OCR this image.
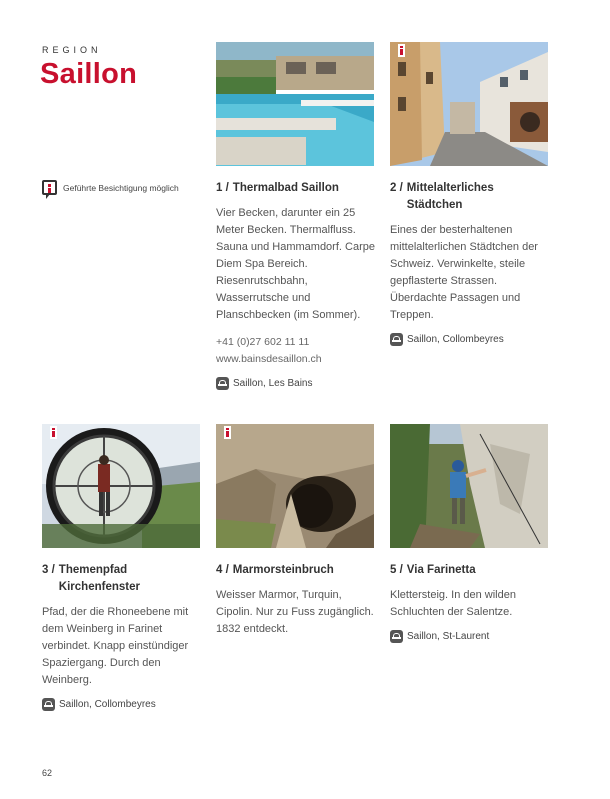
REGION
Saillon
Geführte Besichtigung möglich	1 / Thermalbad Saillon
Vier Becken, darunter ein 25 Meter Becken. Thermalfluss. Sauna und Hammamdorf. Carpe Diem Spa Bereich. Riesenrutschbahn, Wasserrutsche und Planschbecken (im Sommer).
+41 (0)27 602 11 11
www.bainsdesaillon.ch
Saillon, Les Bains
2 / Mittelalterliches Städtchen
Eines der besterhaltenen mittelalterlichen Städtchen der Schweiz. Verwinkelte, steile gepflasterte Strassen. Überdachte Passagen und Treppen.
Saillon, Collombeyres
3 / Themenpfad Kirchenfenster
Pfad, der die Rhoneebene mit dem Weinberg in Farinet verbindet. Knapp einstündiger Spaziergang. Durch den Weinberg.
Saillon, Collombeyres
4 / Marmorsteinbruch
Weisser Marmor, Turquin, Cipolin. Nur zu Fuss zugänglich. 1832 entdeckt.
5 / Via Farinetta
Klettersteig. In den wilden Schluchten der Salentze.
Saillon, St-Laurent
62
